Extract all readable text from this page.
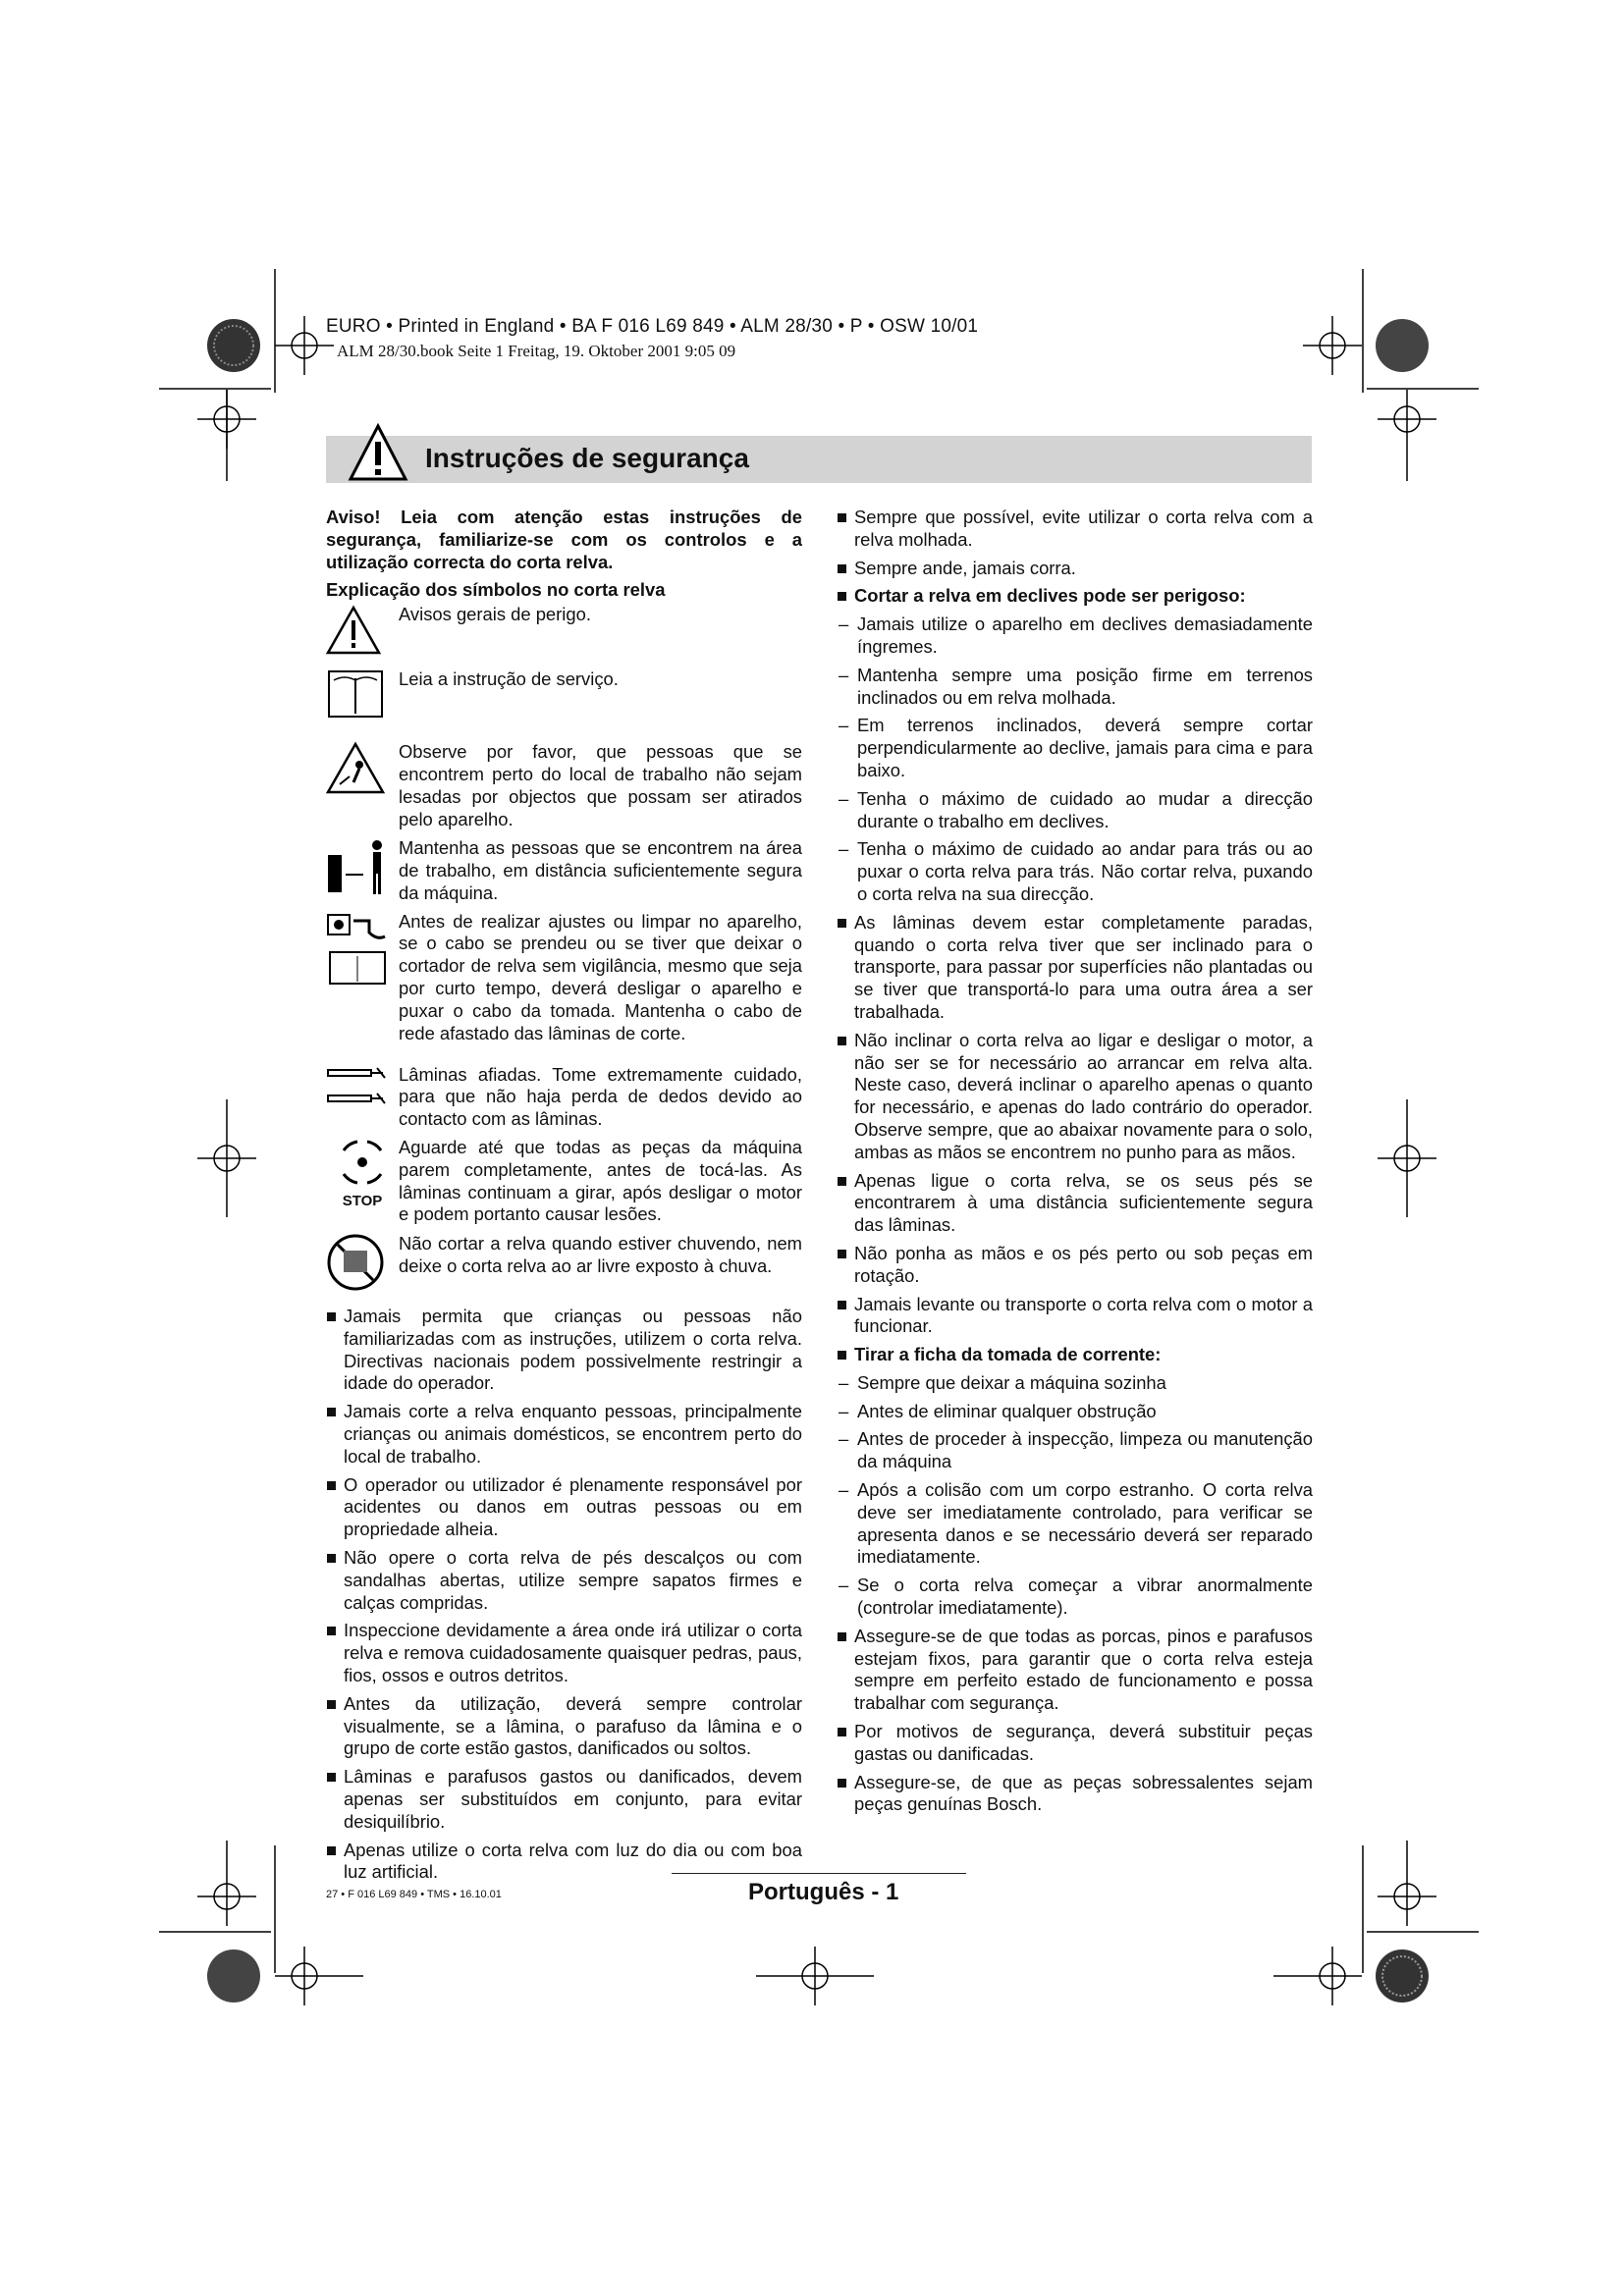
EURO • Printed in England • BA F 016 L69 849 • ALM 28/30 • P • OSW 10/01
ALM 28/30.book Seite 1 Freitag, 19. Oktober 2001 9:05 09
Instruções de segurança

Aviso! Leia com atenção estas instruções de segurança, familiarize-se com os controlos e a utilização correcta do corta relva.

Explicação dos símbolos no corta relva

Avisos gerais de perigo.
Leia a instrução de serviço.
Observe por favor, que pessoas que se encontrem perto do local de trabalho não sejam lesadas por objectos que possam ser atirados pelo aparelho.
Mantenha as pessoas que se encontrem na área de trabalho, em distância suficientemente segura da máquina.
Antes de realizar ajustes ou limpar no aparelho, se o cabo se prendeu ou se tiver que deixar o cortador de relva sem vigilância, mesmo que seja por curto tempo, deverá desligar o aparelho e puxar o cabo da tomada. Mantenha o cabo de rede afastado das lâminas de corte.
Lâminas afiadas. Tome extremamente cuidado, para que não haja perda de dedos devido ao contacto com as lâminas.
STOP
Aguarde até que todas as peças da máquina parem completamente, antes de tocá-las. As lâminas continuam a girar, após desligar o motor e podem portanto causar lesões.
Não cortar a relva quando estiver chuvendo, nem deixe o corta relva ao ar livre exposto à chuva.
Jamais permita que crianças ou pessoas não familiarizadas com as instruções, utilizem o corta relva. Directivas nacionais podem possivelmente restringir a idade do operador.
Jamais corte a relva enquanto pessoas, principalmente crianças ou animais domésticos, se encontrem perto do local de trabalho.
O operador ou utilizador é plenamente responsável por acidentes ou danos em outras pessoas ou em propriedade alheia.
Não opere o corta relva de pés descalços ou com sandalhas abertas, utilize sempre sapatos firmes e calças compridas.
Inspeccione devidamente a área onde irá utilizar o corta relva e remova cuidadosamente quaisquer pedras, paus, fios, ossos e outros detritos.
Antes da utilização, deverá sempre controlar visualmente, se a lâmina, o parafuso da lâmina e o grupo de corte estão gastos, danificados ou soltos.
Lâminas e parafusos gastos ou danificados, devem apenas ser substituídos em conjunto, para evitar desiquilíbrio.
Apenas utilize o corta relva com luz do dia ou com boa luz artificial.
Sempre que possível, evite utilizar o corta relva com a relva molhada.
Sempre ande, jamais corra.
Cortar a relva em declives pode ser perigoso:
– Jamais utilize o aparelho em declives demasiadamente íngremes.
– Mantenha sempre uma posição firme em terrenos inclinados ou em relva molhada.
– Em terrenos inclinados, deverá sempre cortar perpendicularmente ao declive, jamais para cima e para baixo.
– Tenha o máximo de cuidado ao mudar a direcção durante o trabalho em declives.
– Tenha o máximo de cuidado ao andar para trás ou ao puxar o corta relva para trás. Não cortar relva, puxando o corta relva na sua direcção.
As lâminas devem estar completamente paradas, quando o corta relva tiver que ser inclinado para o transporte, para passar por superfícies não plantadas ou se tiver que transportá-lo para uma outra área a ser trabalhada.
Não inclinar o corta relva ao ligar e desligar o motor, a não ser se for necessário ao arrancar em relva alta. Neste caso, deverá inclinar o aparelho apenas o quanto for necessário, e apenas do lado contrário do operador. Observe sempre, que ao abaixar novamente para o solo, ambas as mãos se encontrem no punho para as mãos.
Apenas ligue o corta relva, se os seus pés se encontrarem à uma distância suficientemente segura das lâminas.
Não ponha as mãos e os pés perto ou sob peças em rotação.
Jamais levante ou transporte o corta relva com o motor a funcionar.
Tirar a ficha da tomada de corrente:
– Sempre que deixar a máquina sozinha
– Antes de eliminar qualquer obstrução
– Antes de proceder à inspecção, limpeza ou manutenção da máquina
– Após a colisão com um corpo estranho. O corta relva deve ser imediatamente controlado, para verificar se apresenta danos e se necessário deverá ser reparado imediatamente.
– Se o corta relva começar a vibrar anormalmente (controlar imediatamente).
Assegure-se de que todas as porcas, pinos e parafusos estejam fixos, para garantir que o corta relva esteja sempre em perfeito estado de funcionamento e possa trabalhar com segurança.
Por motivos de segurança, deverá substituir peças gastas ou danificadas.
Assegure-se, de que as peças sobressalentes sejam peças genuínas Bosch.
27 • F 016 L69 849 • TMS • 16.10.01	Português - 1
